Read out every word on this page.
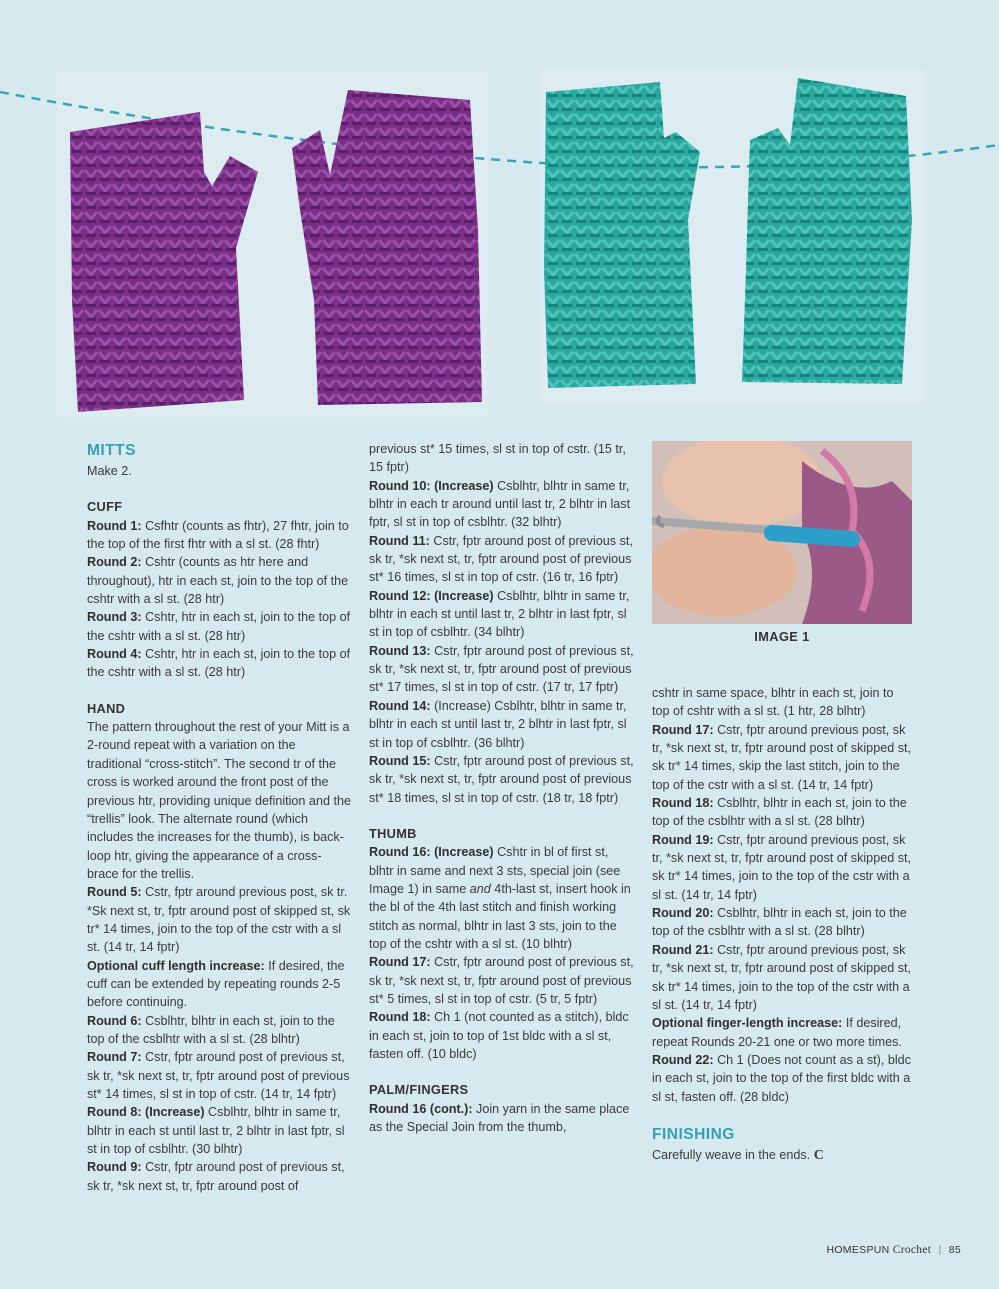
MITTS

Make 2.

CUFF

Round 1: Csfhtr (counts as fhtr), 27 fhtr, join to the top of the first fhtr with a sl st. (28 fhtr)

Round 2: Cshtr (counts as htr here and throughout), htr in each st, join to the top of the cshtr with a sl st. (28 htr)

Round 3: Cshtr, htr in each st, join to the top of the cshtr with a sl st. (28 htr)

Round 4: Cshtr, htr in each st, join to the top of the cshtr with a sl st. (28 htr)

HAND

The pattern throughout the rest of your Mitt is a 2-round repeat with a variation on the traditional “cross-stitch”. The second tr of the cross is worked around the front post of the previous htr, providing unique definition and the “trellis” look. The alternate round (which includes the increases for the thumb), is back-loop htr, giving the appearance of a cross-brace for the trellis.

Round 5: Cstr, fptr around previous post, sk tr. *Sk next st, tr, fptr around post of skipped st, sk tr* 14 times, join to the top of the cstr with a sl st. (14 tr, 14 fptr)

Optional cuff length increase: If desired, the cuff can be extended by repeating rounds 2-5 before continuing.

Round 6: Csblhtr, blhtr in each st, join to the top of the csblhtr with a sl st. (28 blhtr)

Round 7: Cstr, fptr around post of previous st, sk tr, *sk next st, tr, fptr around post of previous st* 14 times, sl st in top of cstr. (14 tr, 14 fptr)

Round 8: (Increase) Csblhtr, blhtr in same tr, blhtr in each st until last tr, 2 blhtr in last fptr, sl st in top of csblhtr. (30 blhtr)

Round 9: Cstr, fptr around post of previous st, sk tr, *sk next st, tr, fptr around post of

previous st* 15 times, sl st in top of cstr. (15 tr, 15 fptr)

Round 10: (Increase) Csblhtr, blhtr in same tr, blhtr in each tr around until last tr, 2 blhtr in last fptr, sl st in top of csblhtr. (32 blhtr)

Round 11: Cstr, fptr around post of previous st, sk tr, *sk next st, tr, fptr around post of previous st* 16 times, sl st in top of cstr. (16 tr, 16 fptr)

Round 12: (Increase) Csblhtr, blhtr in same tr, blhtr in each st until last tr, 2 blhtr in last fptr, sl st in top of csblhtr. (34 blhtr)

Round 13: Cstr, fptr around post of previous st, sk tr, *sk next st, tr, fptr around post of previous st* 17 times, sl st in top of cstr. (17 tr, 17 fptr)

Round 14: (Increase) Csblhtr, blhtr in same tr, blhtr in each st until last tr, 2 blhtr in last fptr, sl st in top of csblhtr. (36 blhtr)

Round 15: Cstr, fptr around post of previous st, sk tr, *sk next st, tr, fptr around post of previous st* 18 times, sl st in top of cstr. (18 tr, 18 fptr)

THUMB

Round 16: (Increase) Cshtr in bl of first st, blhtr in same and next 3 sts, special join (see Image 1) in same and 4th-last st, insert hook in the bl of the 4th last stitch and finish working stitch as normal, blhtr in last 3 sts, join to the top of the cshtr with a sl st. (10 blhtr)

Round 17: Cstr, fptr around post of previous st, sk tr, *sk next st, tr, fptr around post of previous st* 5 times, sl st in top of cstr. (5 tr, 5 fptr)

Round 18: Ch 1 (not counted as a stitch), bldc in each st, join to top of 1st bldc with a sl st, fasten off. (10 bldc)

PALM/FINGERS

Round 16 (cont.): Join yarn in the same place as the Special Join from the thumb,

IMAGE 1

cshtr in same space, blhtr in each st, join to top of cshtr with a sl st. (1 htr, 28 blhtr)

Round 17: Cstr, fptr around previous post, sk tr, *sk next st, tr, fptr around post of skipped st, sk tr* 14 times, skip the last stitch, join to the top of the cstr with a sl st. (14 tr, 14 fptr)

Round 18: Csblhtr, blhtr in each st, join to the top of the csblhtr with a sl st. (28 blhtr)

Round 19: Cstr, fptr around previous post, sk tr, *sk next st, tr, fptr around post of skipped st, sk tr* 14 times, join to the top of the cstr with a sl st. (14 tr, 14 fptr)

Round 20: Csblhtr, blhtr in each st, join to the top of the csblhtr with a sl st. (28 blhtr)

Round 21: Cstr, fptr around previous post, sk tr, *sk next st, tr, fptr around post of skipped st, sk tr* 14 times, join to the top of the cstr with a sl st. (14 tr, 14 fptr)

Optional finger-length increase: If desired, repeat Rounds 20-21 one or two more times.

Round 22: Ch 1 (Does not count as a st), bldc in each st, join to the top of the first bldc with a sl st, fasten off. (28 bldc)

FINISHING

Carefully weave in the ends. C

HOMESPUN Crochet | 85
